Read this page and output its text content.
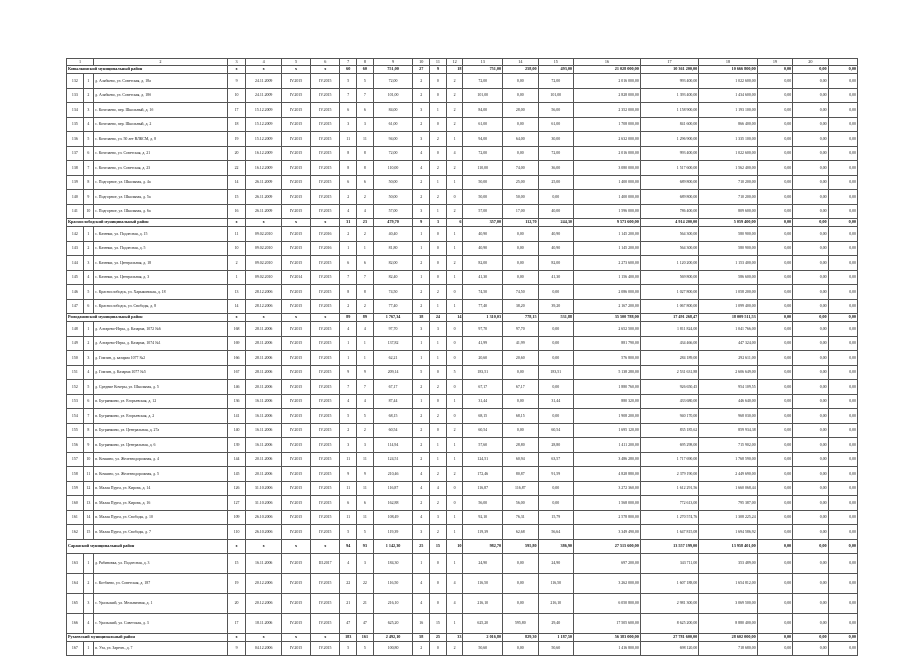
1		2	3	4	5	6	7	8	9	10	11	12	13	14	15	16	17	18	19	20	
Ковылкинский муниципальный район			x	x	x	x	60	60	751,00	27	9	18	751,00	258,00	493,00	21 028 000,00	10 361 200,00	10 666 800,00	0,00	0,00	0,00
132	1	д. Алябьево, ул. Советская, д. 18а	9	24.11.2009	IV.2015	IV.2015	5	5	72,00	2	0	2	72,00	0,00	72,00	2 016 000,00	993 400,00	1 022 600,00	0,00	0,00	0,00
133	2	д. Алябьево, ул. Советская, д. 18б	10	24.11.2009	IV.2015	IV.2015	7	7	101,00	2	0	2	101,00	0,00	101,00	2 828 000,00	1 393 400,00	1 434 600,00	0,00	0,00	0,00
134	3	с. Кочелаево, пер. Школьный, д. 1б	17	15.12.2009	IV.2015	IV.2015	6	6	84,00	3	1	2	84,00	28,00	56,00	2 352 000,00	1 158 900,00	1 193 100,00	0,00	0,00	0,00
135	4	с. Кочелаево, пер. Школьный, д. 2	18	15.12.2009	IV.2015	IV.2015	3	3	61,00	2	0	2	61,00	0,00	61,00	1 708 000,00	841 600,00	866 400,00	0,00	0,00	0,00
136	5	с. Кочелаево, ул. 50 лет ВЛКСМ, д. 8	19	15.12.2009	IV.2015	IV.2015	11	11	94,00	3	2	1	94,00	64,00	30,00	2 632 000,00	1 296 900,00	1 335 100,00	0,00	0,00	0,00
137	6	с. Кочелаево, ул. Советская, д. 21	20	16.12.2009	IV.2015	IV.2015	8	8	72,00	4	0	4	72,00	0,00	72,00	2 016 000,00	993 400,00	1 022 600,00	0,00	0,00	0,00
138	7	с. Кочелаево, ул. Советская, д. 23	22	16.12.2009	IV.2015	IV.2015	8	8	110,00	4	2	2	110,00	74,00	36,00	3 080 000,00	1 517 600,00	1 562 400,00	0,00	0,00	0,00
139	8	с. Подгорное, ул. Школьная, д. 4а	14	26.11.2009	IV.2015	IV.2015	6	6	50,00	2	1	1	50,00	25,00	25,00	1 400 000,00	689 800,00	710 200,00	0,00	0,00	0,00
140	9	с. Подгорное, ул. Школьная, д. 5а	15	26.11.2009	IV.2015	IV.2015	2	2	50,00	2	2	0	50,00	50,00	0,00	1 400 000,00	689 800,00	710 200,00	0,00	0,00	0,00
141	10	с. Подгорное, ул. Школьная, д. 6а	16	26.11.2009	IV.2015	IV.2015	4	4	57,00	3	1	2	57,00	17,00	40,00	1 596 000,00	786 400,00	809 600,00	0,00	0,00	0,00
Краснослободский муниципальный район			x	x	x	x	31	23	479,70	9	3	6	357,00	112,70	244,30	9 573 600,00	4 914 200,00	5 059 400,00	0,00	0,00	0,00
142	1	с. Казенки, ул. Подлесная, д. 15	11	09.02.2010	IV.2015	IV.2016	2	2	40,40	1	0	1	40,90	0,00	40,90	1 145 200,00	564 300,00	580 900,00	0,00	0,00	0,00
143	2	с. Казенки, ул. Подлесная, д. 5	10	09.02.2010	IV.2015	IV.2016	1	1	81,80	1	0	1	40,90	0,00	40,90	1 145 200,00	564 300,00	580 900,00	0,00	0,00	0,00
144	3	с. Казенки, ул. Центральная, д. 18	2	09.02.2010	IV.2015	IV.2015	6	6	82,00	2	0	2	82,00	0,00	82,00	2 273 600,00	1 120 200,00	1 153 400,00	0,00	0,00	0,00
145	4	с. Казенки, ул. Центральная, д. 3	1	09.02.2010	IV.2014	IV.2015	7	7	82,40	1	0	1	41,30	0,00	41,30	1 156 400,00	569 800,00	586 600,00	0,00	0,00	0,00
146	5	с. Краснослободск, ул. Харыкинская, д. 18	13	28.12.2006	IV.2015	IV.2015	8	8	74,50	2	2	0	74,50	74,50	0,00	2 086 000,00	1 027 800,00	1 058 200,00	0,00	0,00	0,00
147	6	с. Краснослободск, ул. Свободы, д. 8	14	28.12.2006	IV.2015	IV.2015	2	2	77,40	2	1	1	77,40	38,20	39,20	2 167 200,00	1 067 800,00	1 099 400,00	0,00	0,00	0,00
Ромодановский муниципальный район			x	x	x	x	89	89	1 767,34	38	24	14	1 310,03	778,15	531,88	35 500 788,00	17 491 268,47	18 009 511,53	0,00	0,00	0,00
148	1	д. Алтарево-Игры, д. Казарма, 1072 №6	168	28.11.2006	IV.2015	IV.2015	4	4	97,70	3	3	0	97,70	97,70	0,00	2 652 500,00	1 811 824,00	1 041 766,00	0,00	0,00	0,00
149	2	д. Алтарево-Игры, д. Казарма, 1074 №1	169	28.11.2006	IV.2015	IV.2015	1	1	137,82	1	1	0	41,99	41,99	0,00	881 790,00	434 466,00	447 324,00	0,00	0,00	0,00
150	3	д. Гомзин, д. казарма 1077 №2	166	28.11.2006	IV.2015	IV.2015	1	1	62,21	1	1	0	20,60	20,60	0,00	576 800,00	284 189,00	292 611,00	0,00	0,00	0,00
151	4	д. Гомзин, д. Казарма 1077 №5	167	28.11.2006	IV.2015	IV.2015	9	9	209,14	5	0	5	183,51	0,00	183,51	5 138 280,00	2 531 631,88	2 606 649,00	0,00	0,00	0,00
152	5	д. Средние Кочеры, ул. Школьная, д. 5	146	20.11.2006	IV.2015	IV.2015	7	7	67,17	2	2	0	67,17	67,17	0,00	1 880 760,00	926 650,45	954 109,55	0,00	0,00	0,00
153	6	п. Бугрянкино, ул. Егорьевская, д. 12	136	16.11.2006	IV.2015	IV.2015	4	4	87,44	1	0	1	31,44	0,00	31,44	880 320,00	433 680,00	446 640,00	0,00	0,00	0,00
154	7	п. Бугрянкино, ул. Егорьевская, д. 2	141	16.11.2006	IV.2015	IV.2015	5	5	68,15	2	2	0	68,15	68,15	0,00	1 908 200,00	940 170,00	968 030,00	0,00	0,00	0,00
155	8	п. Бугрянкино, ул. Центральная, д. 27а	140	16.11.2006	IV.2015	IV.2015	2	2	60,54	2	0	2	60,54	0,00	60,54	1 695 120,00	835 185,62	859 934,38	0,00	0,00	0,00
156	9	п. Бугрянкино, ул. Центральная, д. 6	139	16.11.2006	IV.2015	IV.2015	3	3	114,94	2	1	1	57,60	28,80	28,80	1 411 200,00	695 298,00	715 902,00	0,00	0,00	0,00
157	10	п. Кочкино, ул. Железнодорожная, д. 4	144	20.11.2006	IV.2015	IV.2015	11	11	124,51	2	1	1	124,51	60,94	63,57	3 486 280,00	1 717 690,00	1 768 590,00	0,00	0,00	0,00
158	11	п. Кочкино, ул. Железнодорожная, д. 5	145	20.11.2006	IV.2015	IV.2015	9	9	210,46	4	2	2	172,46	80,87	91,59	4 828 880,00	2 379 190,00	2 449 690,00	0,00	0,00	0,00
159	12	п. Малая Пурга, ул. Кирова, д. 14	126	31.10.2006	IV.2015	IV.2015	11	11	116,87	4	4	0	116,87	116,87	0,00	3 272 360,00	1 612 291,56	1 660 068,44	0,00	0,00	0,00
160	13	п. Малая Пурга, ул. Кирова, д. 16	127	31.10.2006	IV.2015	IV.2015	6	6	162,88	2	2	0	56,00	56,00	0,00	1 568 000,00	772 613,00	795 387,00	0,00	0,00	0,00
161	14	п. Малая Пурга, ул. Свободы, д. 10	109	26.10.2006	IV.2015	IV.2015	11	11	108,49	4	3	1	92,10	76,31	15,79	2 578 800,00	1 270 574,76	1 308 225,24	0,00	0,00	0,00
162	15	п. Малая Пурга, ул. Свободы, д. 7	110	26.10.2006	IV.2015	IV.2015	5	5	119,39	3	2	1	119,39	62,68	56,64	3 349 490,00	1 647 815,08	1 694 586,92	0,00	0,00	0,00
Саранский муниципальный район			x	x	x	x	94	93	1 142,30	25	15	10	982,70	595,80	386,90	27 515 600,00	13 557 199,00	13 958 401,00	0,00	0,00	0,00
163	1	д. Рябиновка, ул. Подлесная, д. 3	15	16.11.2006	IV.2015	III.2017	4	3	184,30	1	0	1	24,90	0,00	24,90	697 200,00	343 711,00	353 489,00	0,00	0,00	0,00
164	2	с. Котбаево, ул. Советская, д. 187	19	20.12.2006	IV.2015	IV.2015	22	22	116,50	4	0	4	116,50	0,00	116,50	3 262 000,00	1 607 188,00	1 654 812,00	0,00	0,00	0,00
165	3	с. Уральский, ул. Мельничная, д. 1	20	20.12.2006	IV.2015	IV.2015	21	21	216,10	4	0	4	216,10	0,00	216,10	6 050 800,00	2 981 300,00	3 069 500,00	0,00	0,00	0,00
166	4	с. Уральский, ул. Советская, д. 3	17	18.11.2006	IV.2015	IV.2015	47	47	625,20	16	15	1	625,20	595,80	29,40	17 505 600,00	8 625 200,00	8 880 400,00	0,00	0,00	0,00
Рузаевский муниципальный район			x	x	x	x	183	161	2 492,10	58	25	33	2 016,80	829,30	1 187,50	56 383 000,00	27 781 600,00	28 602 000,00	0,00	0,00	0,00
167	1	п. Уза, ул. Заречн., д. 7	9	04.12.2006	IV.2015	IV.2015	5	5	100,80	2	0	2	50,60	0,00	50,60	1 416 800,00	698 120,00	718 680,00	0,00	0,00	0,00
